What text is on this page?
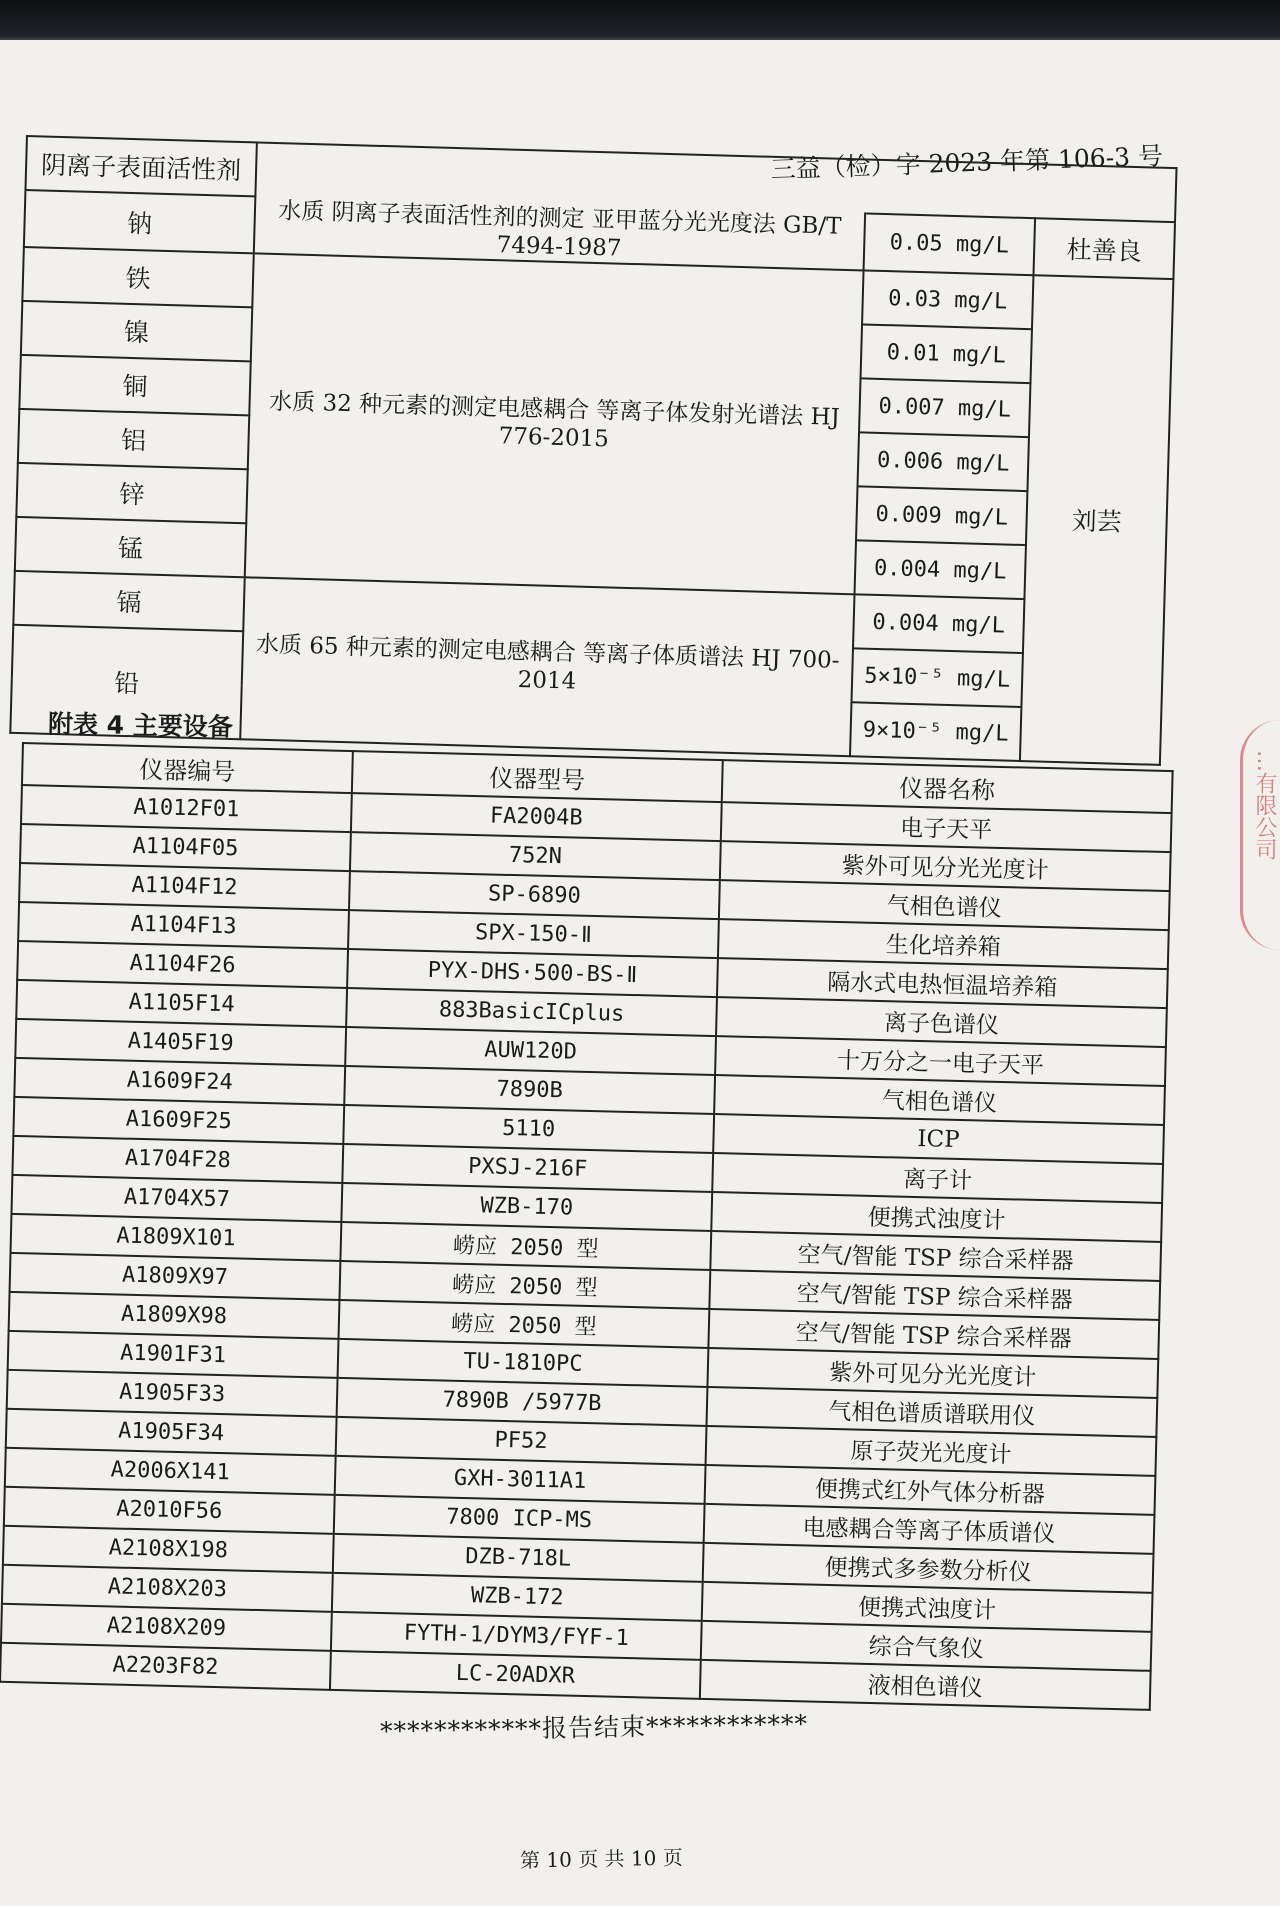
…有限公司
三益（检）字 2023 年第 106-3 号
阴离子表面活性剂			
钠	水质 阴离子表面活性剂的测定 亚甲蓝分光光度法 GB/T 7494-1987	0.05 mg/L	杜善良
铁	水质 32 种元素的测定电感耦合 等离子体发射光谱法 HJ 776-2015	0.03 mg/L	刘芸
镍		0.01 mg/L	
铜		0.007 mg/L	
铝		0.006 mg/L	
锌		0.009 mg/L	
锰		0.004 mg/L	
镉	水质 65 种元素的测定电感耦合 等离子体质谱法 HJ 700-2014	0.004 mg/L	
铅		5×10⁻⁵ mg/L	
		9×10⁻⁵ mg/L	
附表 4 主要设备
仪器编号	仪器型号	仪器名称
A1012F01	FA2004B	电子天平
A1104F05	752N	紫外可见分光光度计
A1104F12	SP-6890	气相色谱仪
A1104F13	SPX-150-Ⅱ	生化培养箱
A1104F26	PYX-DHS·500-BS-Ⅱ	隔水式电热恒温培养箱
A1105F14	883BasicICplus	离子色谱仪
A1405F19	AUW120D	十万分之一电子天平
A1609F24	7890B	气相色谱仪
A1609F25	5110	ICP
A1704F28	PXSJ-216F	离子计
A1704X57	WZB-170	便携式浊度计
A1809X101	崂应 2050 型	空气/智能 TSP 综合采样器
A1809X97	崂应 2050 型	空气/智能 TSP 综合采样器
A1809X98	崂应 2050 型	空气/智能 TSP 综合采样器
A1901F31	TU-1810PC	紫外可见分光光度计
A1905F33	7890B /5977B	气相色谱质谱联用仪
A1905F34	PF52	原子荧光光度计
A2006X141	GXH-3011A1	便携式红外气体分析器
A2010F56	7800 ICP-MS	电感耦合等离子体质谱仪
A2108X198	DZB-718L	便携式多参数分析仪
A2108X203	WZB-172	便携式浊度计
A2108X209	FYTH-1/DYM3/FYF-1	综合气象仪
A2203F82	LC-20ADXR	液相色谱仪
************报告结束************
第 10 页 共 10 页
